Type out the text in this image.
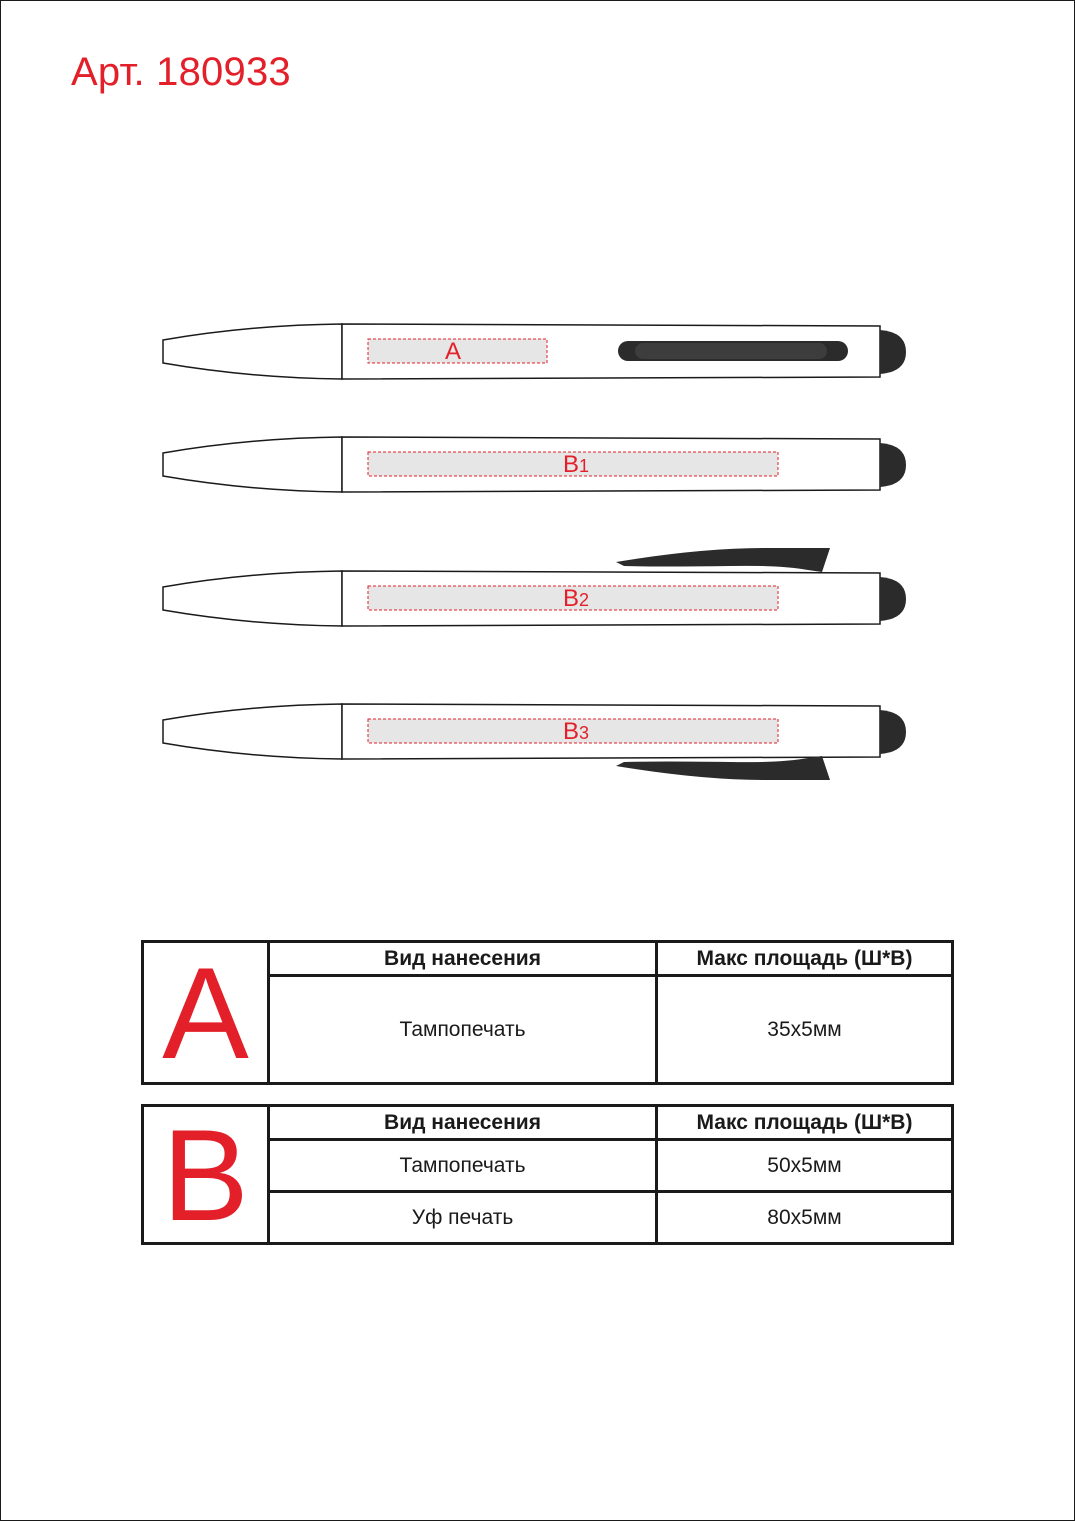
Арт. 180933
A
B1
B2
B3
A	Вид нанесения	Макс площадь (Ш*В)
	Тампопечать	35x5мм
B	Вид нанесения	Макс площадь (Ш*В)
	Тампопечать	50x5мм
	Уф печать	80x5мм
